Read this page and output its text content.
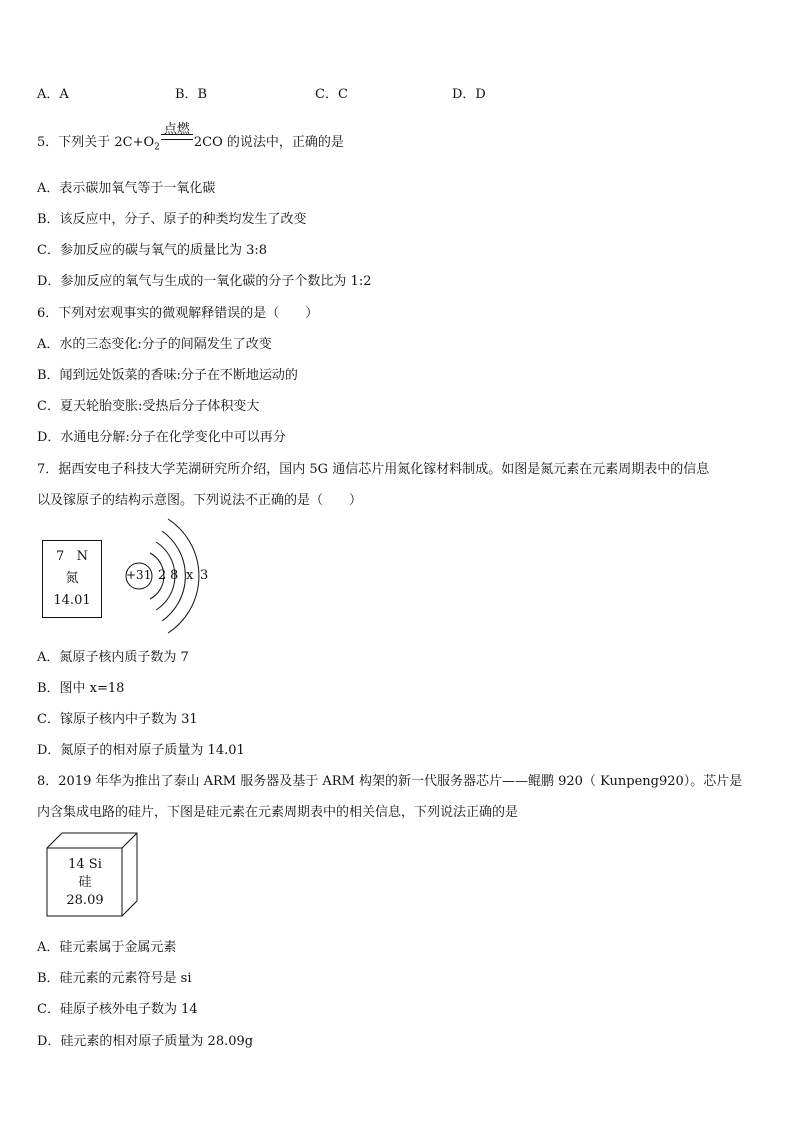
A．A	B．B	C．C	D．D
5．下列关于 $2C+O_2$
点燃
2CO 的说法中，正确的是
A．表示碳加氧气等于一氧化碳
B．该反应中，分子、原子的种类均发生了改变
C．参加反应的碳与氧气的质量比为 3:8
D．参加反应的氧气与生成的一氧化碳的分子个数比为 1:2
6．下列对宏观事实的微观解释错误的是（　　）
A．水的三态变化:分子的间隔发生了改变
B．闻到远处饭菜的香味:分子在不断地运动的
C．夏天轮胎变胀:受热后分子体积变大
D．水通电分解:分子在化学变化中可以再分
7．据西安电子科技大学芜湖研究所介绍，国内 5G 通信芯片用氮化镓材料制成。如图是氮元素在元素周期表中的信息
以及镓原子的结构示意图。下列说法不正确的是（　　）
7 N
氮
14.01
+31 2 8 x 3
A．氮原子核内质子数为 7
B．图中 x=18
C．镓原子核内中子数为 31
D．氮原子的相对原子质量为 14.01
8．2019 年华为推出了泰山 ARM 服务器及基于 ARM 构架的新一代服务器芯片——鲲鹏 920（ Kunpeng920）。芯片是
内含集成电路的硅片，下图是硅元素在元素周期表中的相关信息，下列说法正确的是
14 Si
硅
28.09
A．硅元素属于金属元素
B．硅元素的元素符号是 si
C．硅原子核外电子数为 14
D．硅元素的相对原子质量为 28.09g
